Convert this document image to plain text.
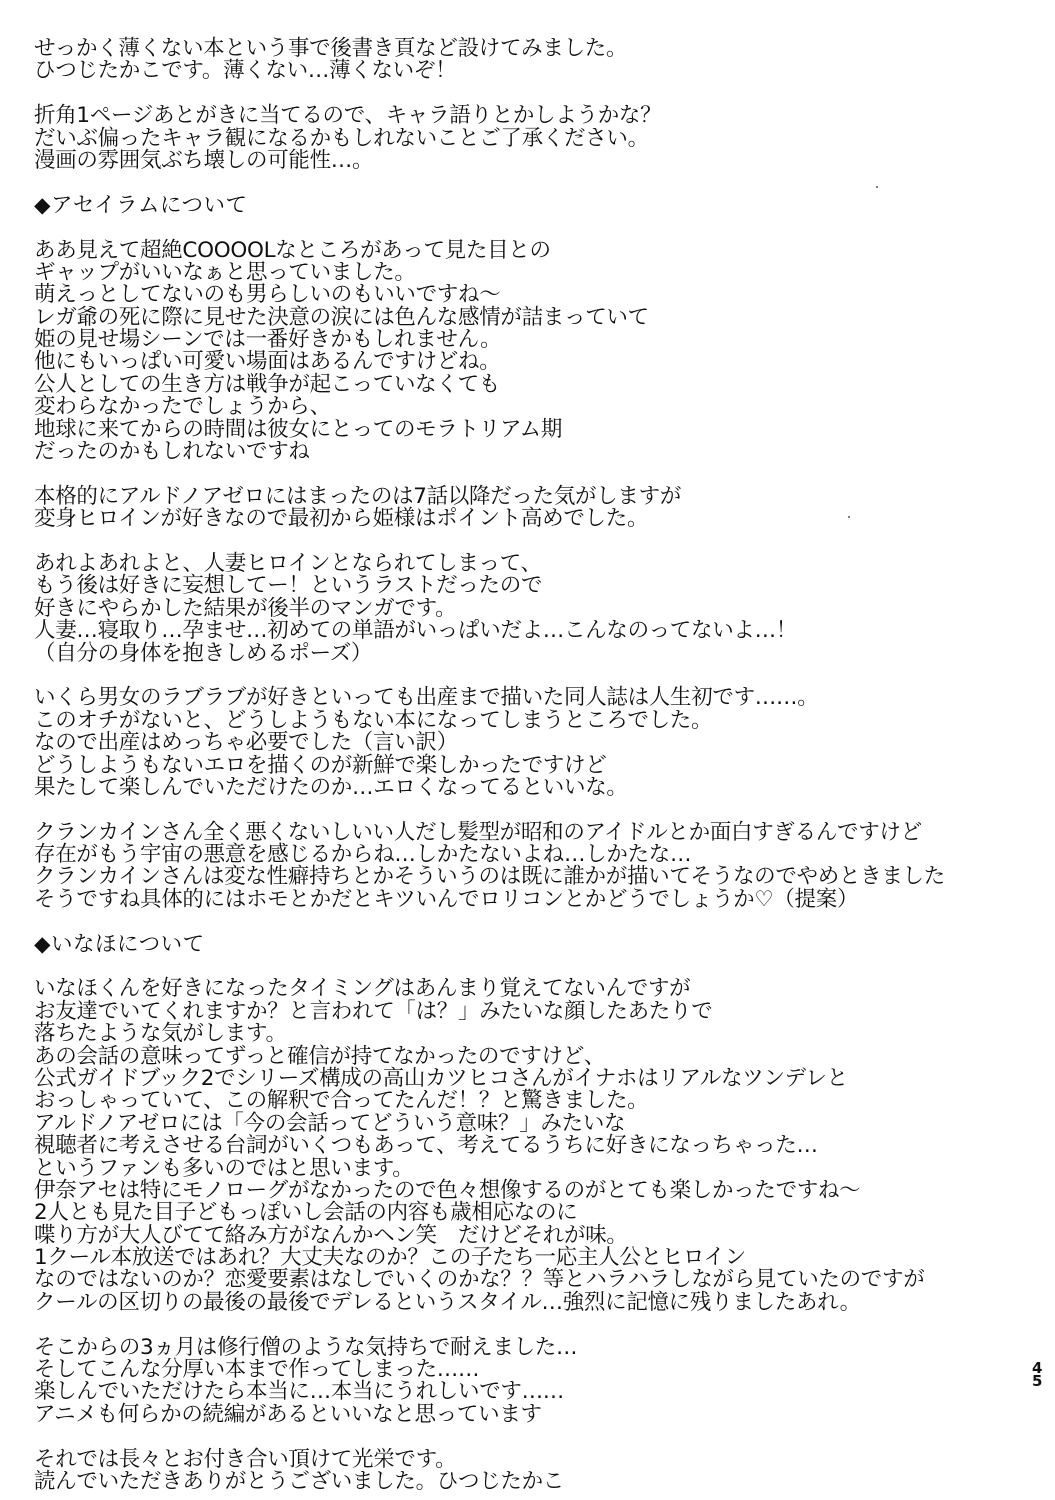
せっかく薄くない本という事で後書き頁など設けてみました。
ひつじたかこです。薄くない…薄くないぞ！
折角1ページあとがきに当てるので、キャラ語りとかしようかな？
だいぶ偏ったキャラ観になるかもしれないことご了承ください。
漫画の雰囲気ぶち壊しの可能性…。
◆アセイラムについて
ああ見えて超絶COOOOLなところがあって見た目との
ギャップがいいなぁと思っていました。
萌えっとしてないのも男らしいのもいいですね～
レガ爺の死に際に見せた決意の涙には色んな感情が詰まっていて
姫の見せ場シーンでは一番好きかもしれません。
他にもいっぱい可愛い場面はあるんですけどね。
公人としての生き方は戦争が起こっていなくても
変わらなかったでしょうから、
地球に来てからの時間は彼女にとってのモラトリアム期
だったのかもしれないですね
本格的にアルドノアゼロにはまったのは7話以降だった気がしますが
変身ヒロインが好きなので最初から姫様はポイント高めでした。
あれよあれよと、人妻ヒロインとなられてしまって、
もう後は好きに妄想してー！というラストだったので
好きにやらかした結果が後半のマンガです。
人妻…寝取り…孕ませ…初めての単語がいっぱいだよ…こんなのってないよ…！
（自分の身体を抱きしめるポーズ）
いくら男女のラブラブが好きといっても出産まで描いた同人誌は人生初です……。
このオチがないと、どうしようもない本になってしまうところでした。
なので出産はめっちゃ必要でした（言い訳）
どうしようもないエロを描くのが新鮮で楽しかったですけど
果たして楽しんでいただけたのか…エロくなってるといいな。
クランカインさん全く悪くないしいい人だし髪型が昭和のアイドルとか面白すぎるんですけど
存在がもう宇宙の悪意を感じるからね…しかたないよね…しかたな…
クランカインさんは変な性癖持ちとかそういうのは既に誰かが描いてそうなのでやめときました
そうですね具体的にはホモとかだとキツいんでロリコンとかどうでしょうか♡（提案）
◆いなほについて
いなほくんを好きになったタイミングはあんまり覚えてないんですが
お友達でいてくれますか？と言われて「は？」みたいな顔したあたりで
落ちたような気がします。
あの会話の意味ってずっと確信が持てなかったのですけど、
公式ガイドブック2でシリーズ構成の高山カツヒコさんがイナホはリアルなツンデレと
おっしゃっていて、この解釈で合ってたんだ！？と驚きました。
アルドノアゼロには「今の会話ってどういう意味？」みたいな
視聴者に考えさせる台詞がいくつもあって、考えてるうちに好きになっちゃった…
というファンも多いのではと思います。
伊奈アセは特にモノローグがなかったので色々想像するのがとても楽しかったですね～
2人とも見た目子どもっぽいし会話の内容も歳相応なのに
喋り方が大人びてて絡み方がなんかヘン笑　だけどそれが味。
1クール本放送ではあれ？大丈夫なのか？この子たち一応主人公とヒロイン
なのではないのか？恋愛要素はなしでいくのかな？？等とハラハラしながら見ていたのですが
クールの区切りの最後の最後でデレるというスタイル…強烈に記憶に残りましたあれ。
そこからの3ヵ月は修行僧のような気持ちで耐えました…
そしてこんな分厚い本まで作ってしまった……
楽しんでいただけたら本当に…本当にうれしいです……
アニメも何らかの続編があるといいなと思っています
それでは長々とお付き合い頂けて光栄です。
読んでいただきありがとうございました。ひつじたかこ
45
